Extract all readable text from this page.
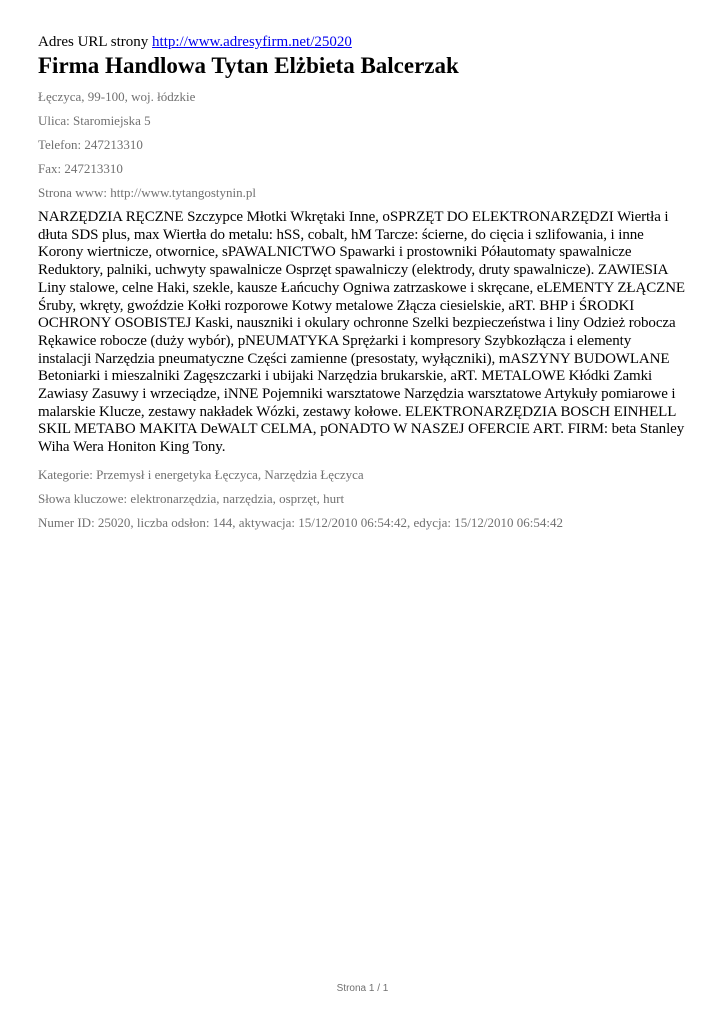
Adres URL strony http://www.adresyfirm.net/25020

Firma Handlowa Tytan Elżbieta Balcerzak

Łęczyca, 99-100, woj. łódzkie

Ulica: Staromiejska 5

Telefon: 247213310

Fax: 247213310

Strona www: http://www.tytangostynin.pl

NARZĘDZIA RĘCZNE Szczypce Młotki Wkrętaki Inne, oSPRZĘT DO ELEKTRONARZĘDZI Wiertła i dłuta SDS plus, max Wiertła do metalu: hSS, cobalt, hM Tarcze: ścierne, do cięcia i szlifowania, i inne Korony wiertnicze, otwornice, sPAWALNICTWO Spawarki i prostowniki Półautomaty spawalnicze Reduktory, palniki, uchwyty spawalnicze Osprzęt spawalniczy (elektrody, druty spawalnicze). ZAWIESIA Liny stalowe, celne Haki, szekle, kausze Łańcuchy Ogniwa zatrzaskowe i skręcane, eLEMENTY ZŁĄCZNE Śruby, wkręty, gwoździe Kołki rozporowe Kotwy metalowe Złącza ciesielskie, aRT. BHP i ŚRODKI OCHRONY OSOBISTEJ Kaski, nauszniki i okulary ochronne Szelki bezpieczeństwa i liny Odzież robocza Rękawice robocze (duży wybór), pNEUMATYKA Sprężarki i kompresory Szybkozłącza i elementy instalacji Narzędzia pneumatyczne Części zamienne (presostaty, wyłączniki), mASZYNY BUDOWLANE Betoniarki i mieszalniki Zagęszczarki i ubijaki Narzędzia brukarskie, aRT. METALOWE Kłódki Zamki Zawiasy Zasuwy i wrzeciądze, iNNE Pojemniki warsztatowe Narzędzia warsztatowe Artykuły pomiarowe i malarskie Klucze, zestawy nakładek Wózki, zestawy kołowe. ELEKTRONARZĘDZIA BOSCH EINHELL SKIL METABO MAKITA DeWALT CELMA, pONADTO W NASZEJ OFERCIE ART. FIRM: beta Stanley Wiha Wera Honiton King Tony.

Kategorie: Przemysł i energetyka Łęczyca, Narzędzia Łęczyca

Słowa kluczowe: elektronarzędzia, narzędzia, osprzęt, hurt

Numer ID: 25020, liczba odsłon: 144, aktywacja: 15/12/2010 06:54:42, edycja: 15/12/2010 06:54:42

Strona 1 / 1
